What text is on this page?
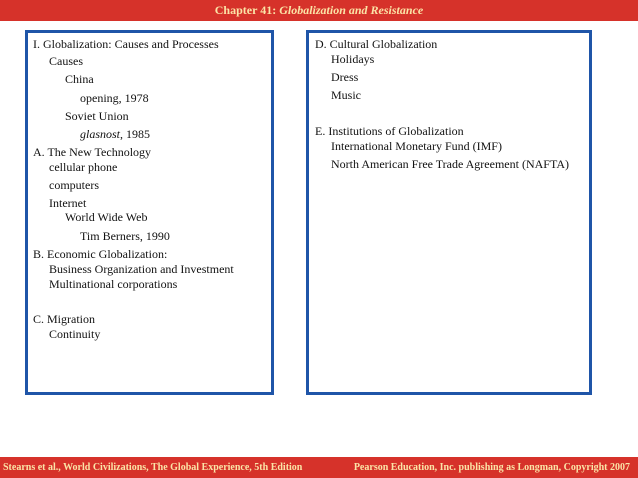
Chapter 41: Globalization and Resistance
I. Globalization: Causes and Processes
Causes
China
opening, 1978
Soviet Union
glasnost, 1985
A. The New Technology
cellular phone
computers
Internet
World Wide Web
Tim Berners, 1990
B. Economic Globalization:
Business Organization and Investment
Multinational corporations
C. Migration
Continuity
D. Cultural Globalization
Holidays
Dress
Music
E. Institutions of Globalization
International Monetary Fund (IMF)
North American Free Trade Agreement (NAFTA)
Stearns et al., World Civilizations, The Global Experience, 5th Edition	Pearson Education, Inc. publishing as Longman, Copyright 2007
